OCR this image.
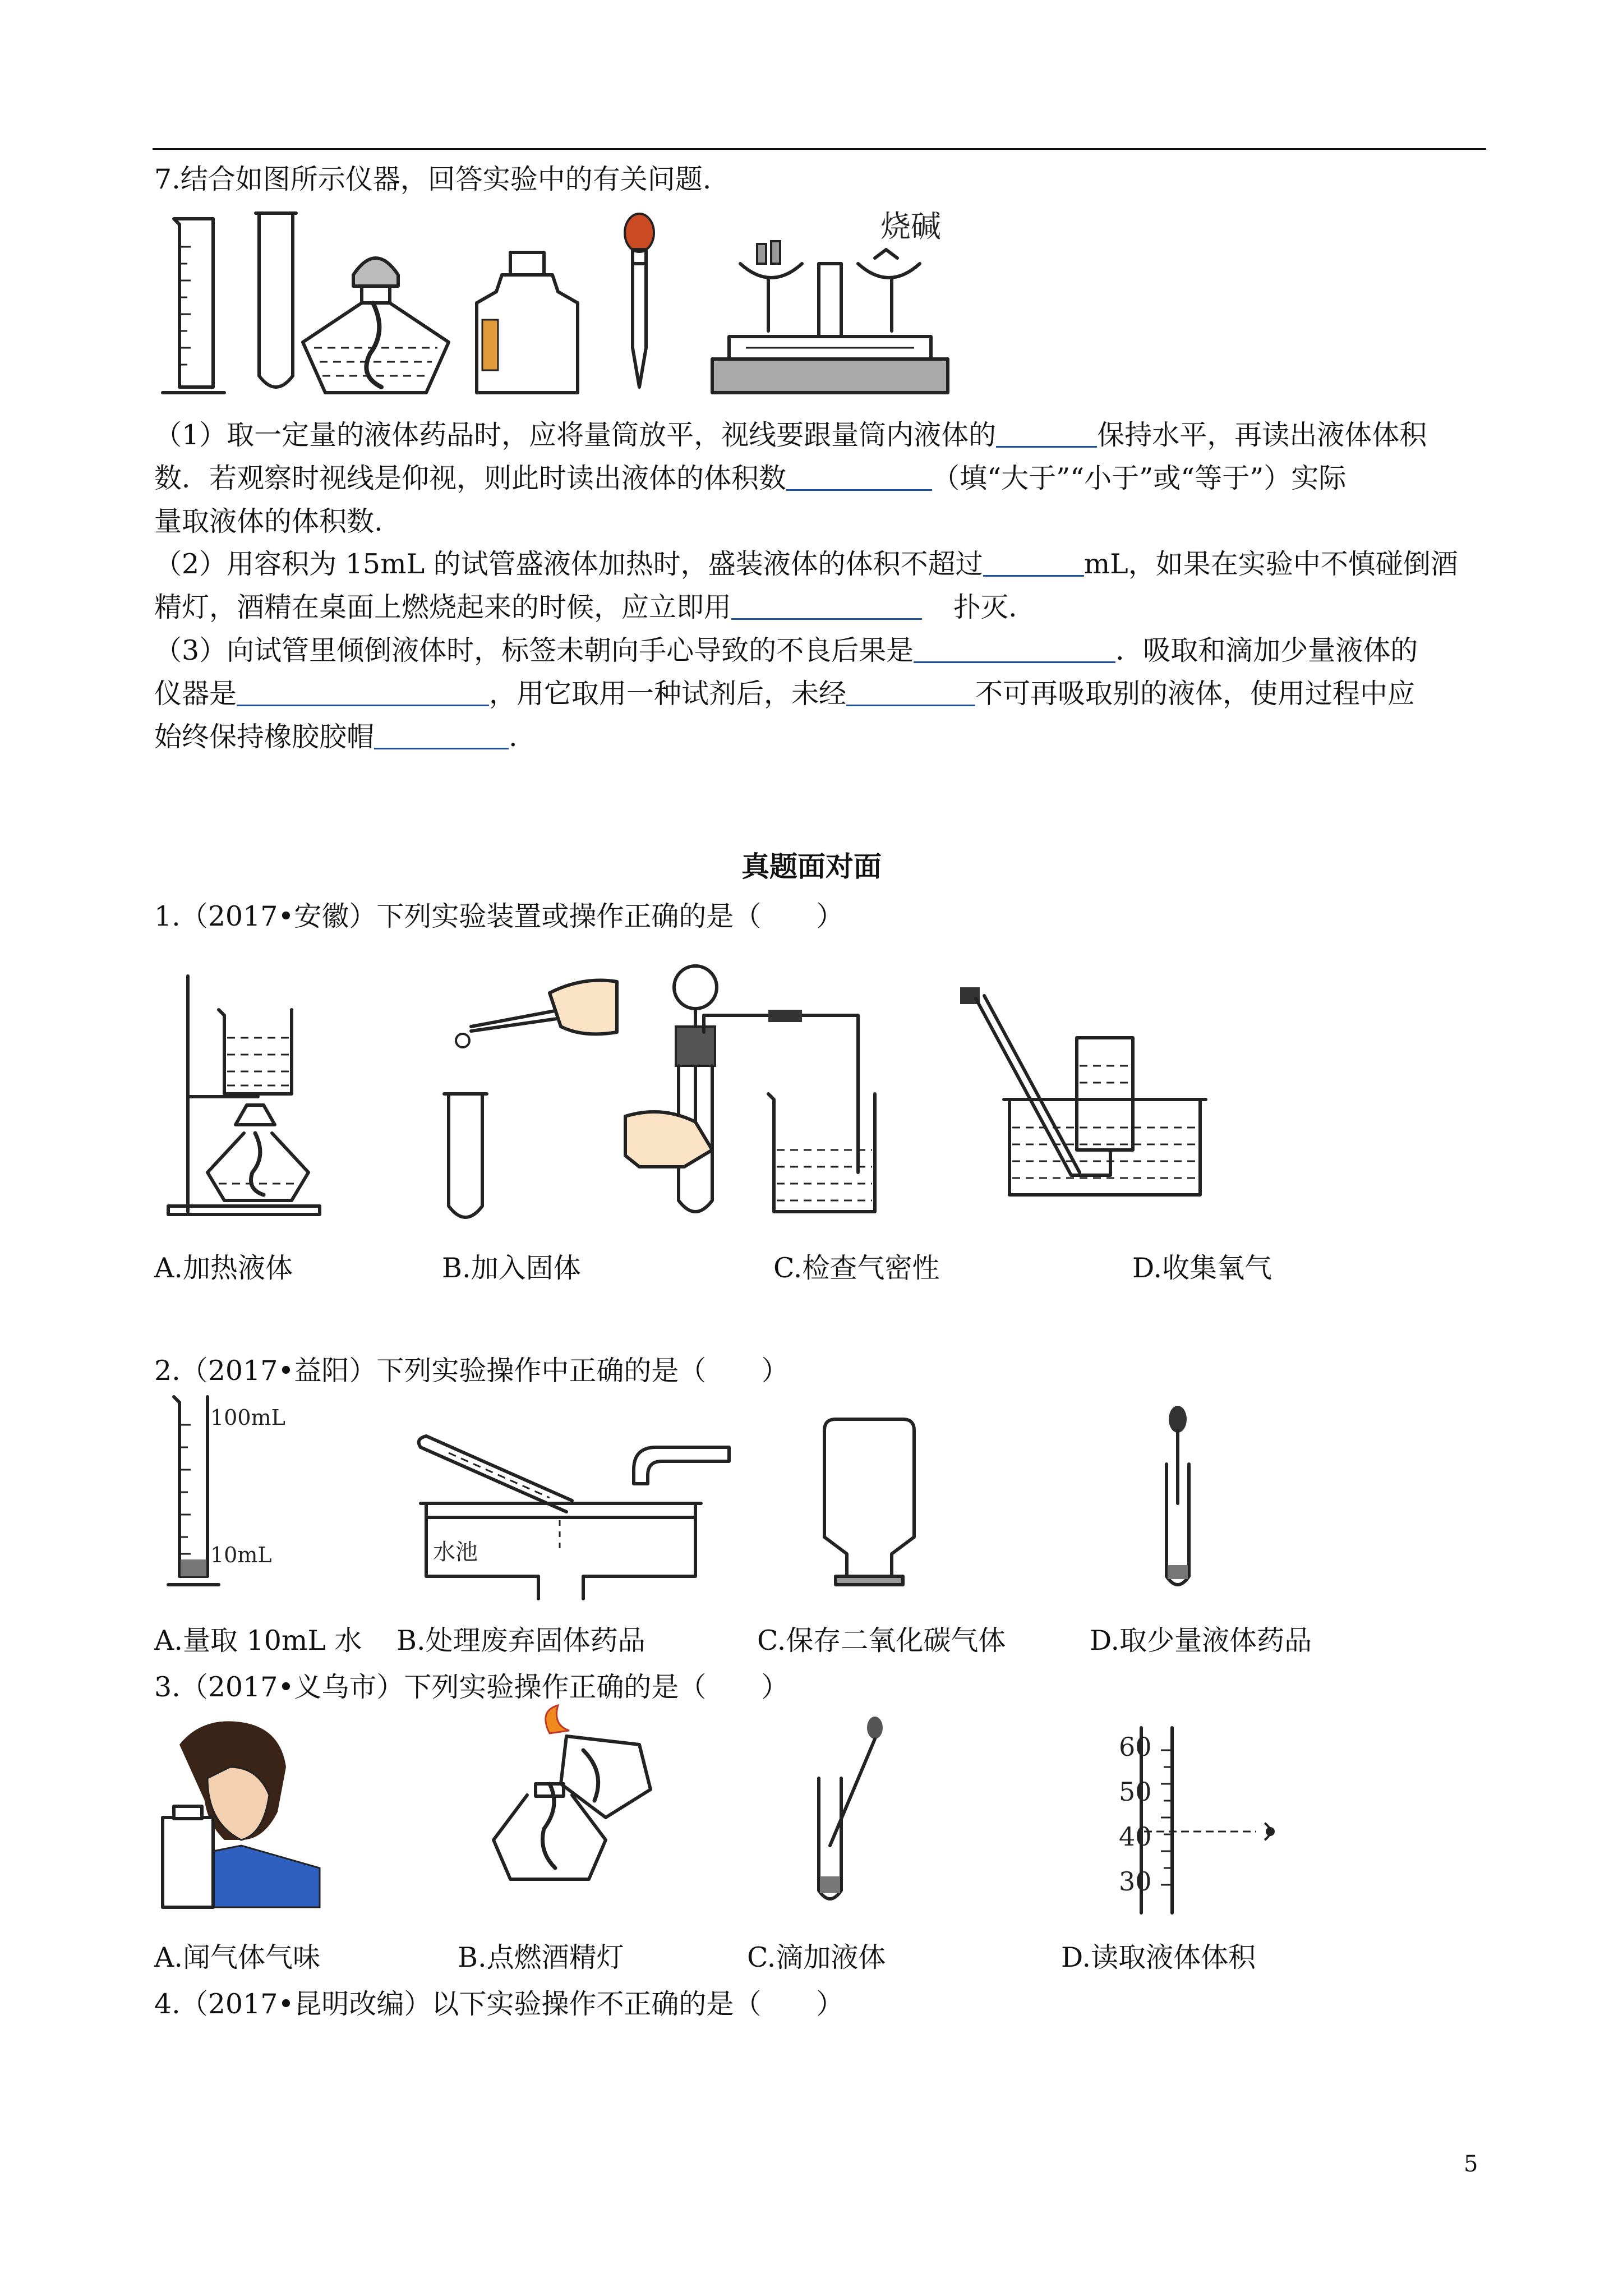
7.结合如图所示仪器，回答实验中的有关问题.
烧碱
（1）取一定量的液体药品时，应将量筒放平，视线要跟量筒内液体的	保持水平，再读出液体体积
数．若观察时视线是仰视，则此时读出液体的体积数	（填“大于”“小于”或“等于”）实际
量取液体的体积数.
（2）用容积为 15mL 的试管盛液体加热时，盛装液体的体积不超过	mL，如果在实验中不慎碰倒酒
精灯，酒精在桌面上燃烧起来的时候，应立即用	扑灭.
（3）向试管里倾倒液体时，标签未朝向手心导致的不良后果是	．吸取和滴加少量液体的
仪器是	，用它取用一种试剂后，未经	不可再吸取别的液体，使用过程中应
始终保持橡胶胶帽	.
真题面对面
1.（2017•安徽）下列实验装置或操作正确的是（　　）
A.加热液体	B.加入固体	C.检查气密性	D.收集氧气
2.（2017•益阳）下列实验操作中正确的是（　　）
100mL
10mL	水池
A.量取 10mL 水 B.处理废弃固体药品	C.保存二氧化碳气体	D.取少量液体药品
3.（2017•义乌市）下列实验操作正确的是（　　）
60
50
40
30
A.闻气体气味	B.点燃酒精灯	C.滴加液体	D.读取液体体积
4.（2017•昆明改编）以下实验操作不正确的是（　　）
5
